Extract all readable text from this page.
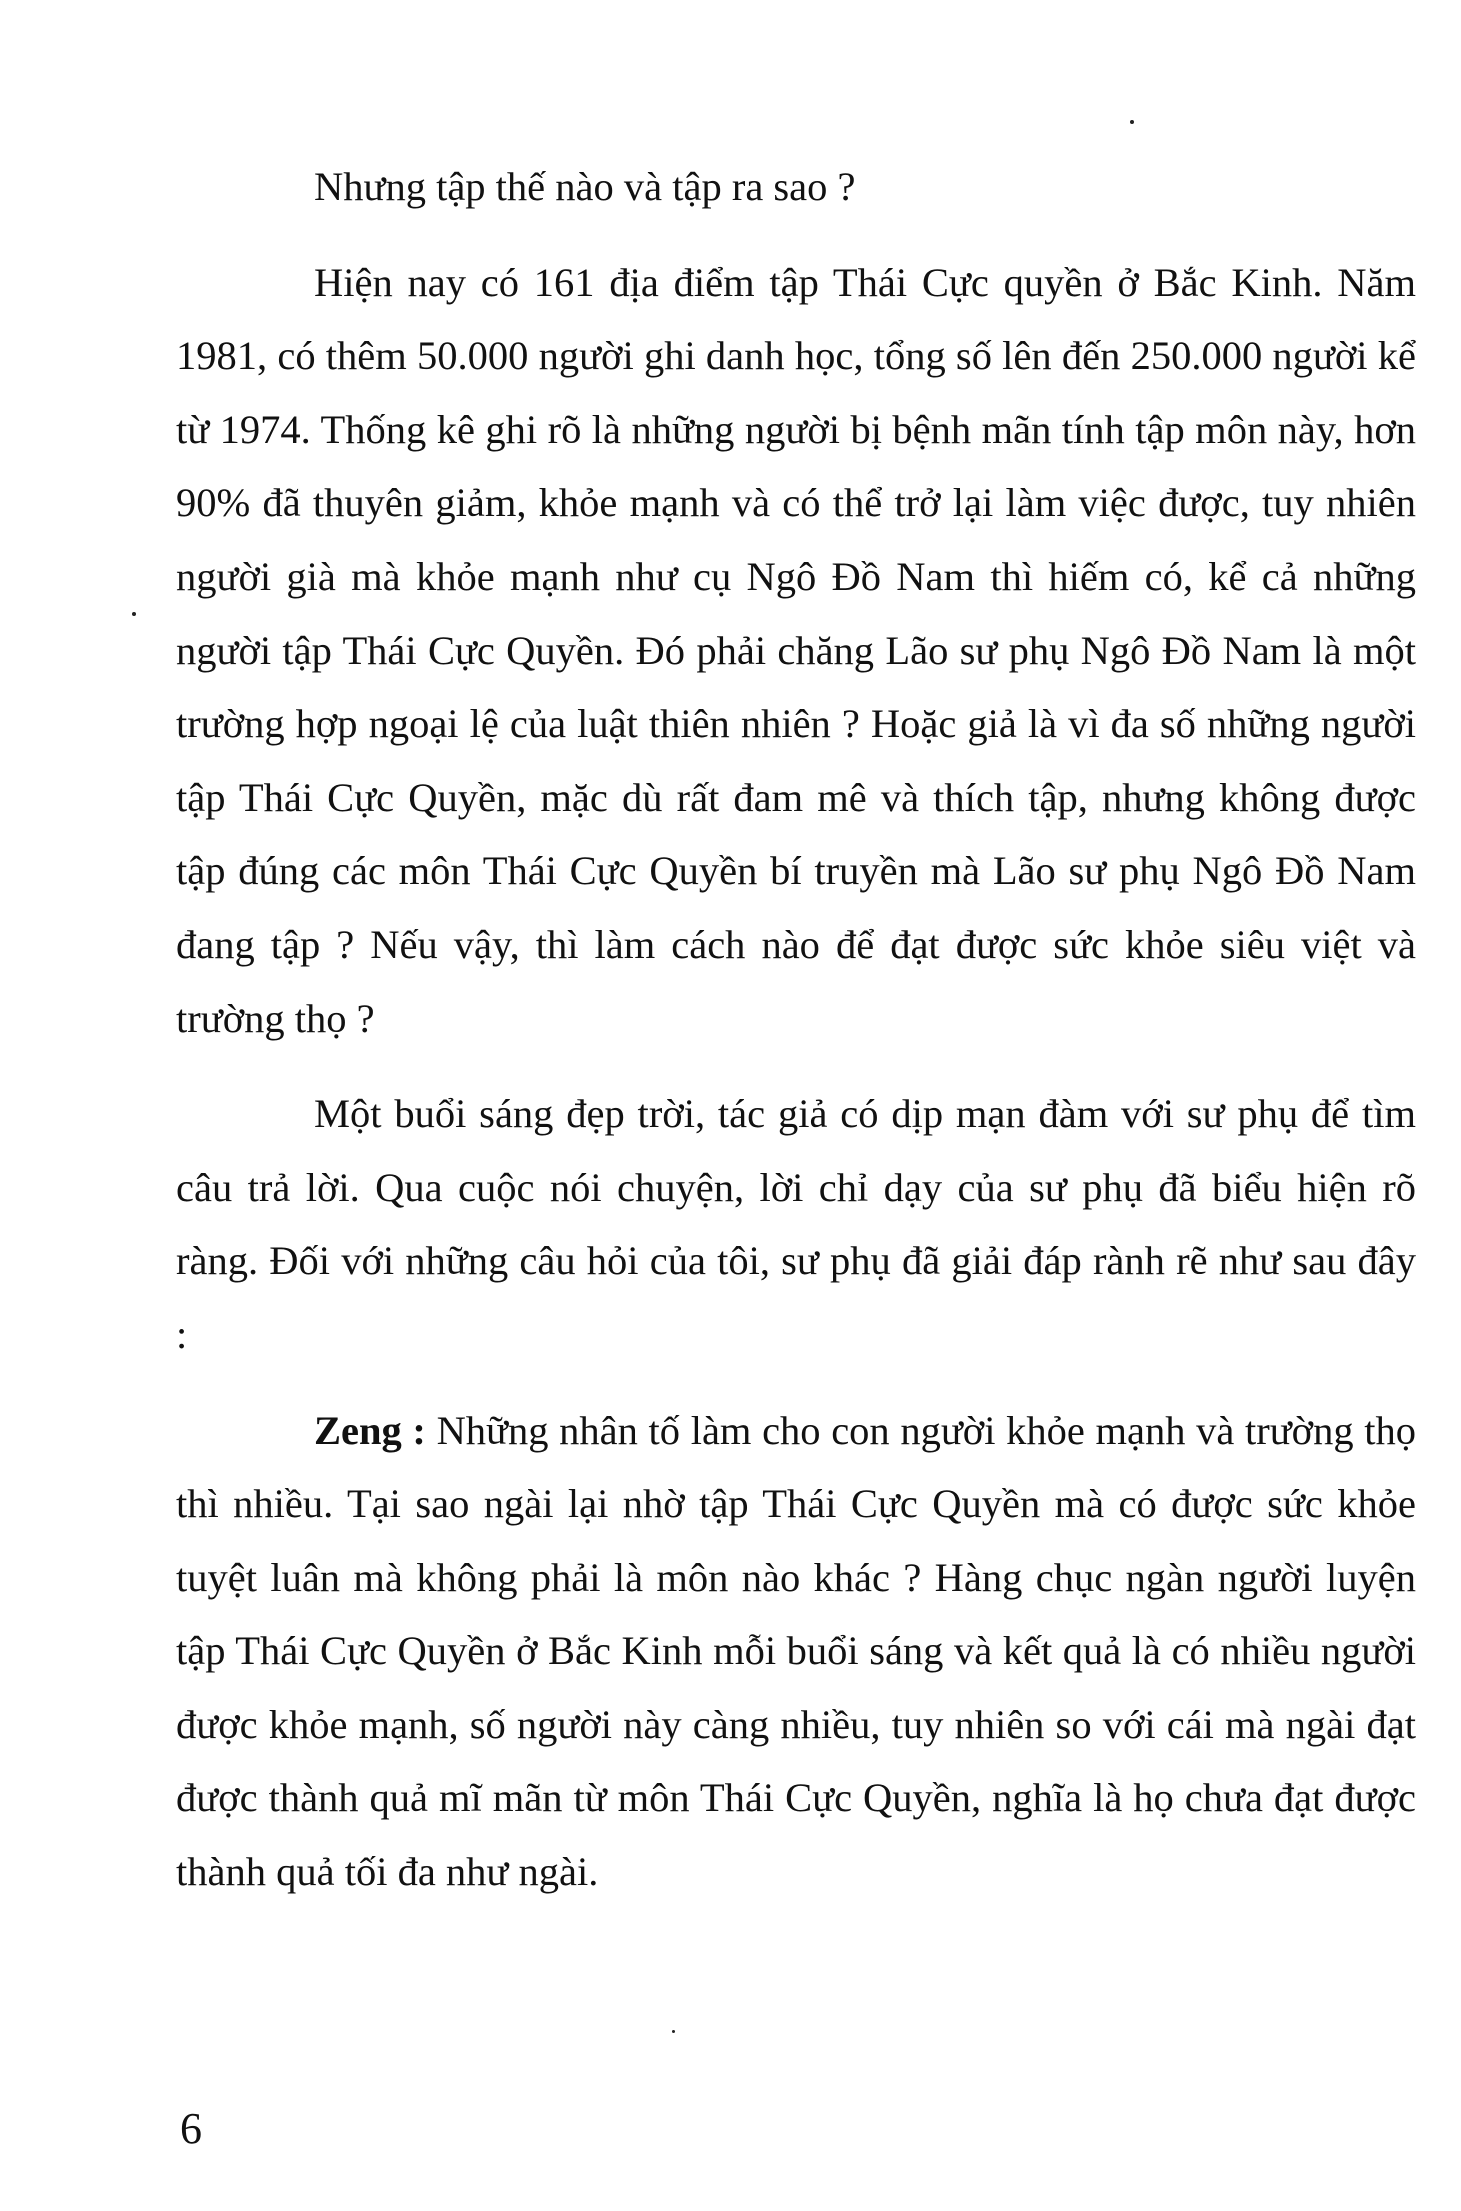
Nhưng tập thế nào và tập ra sao ?

Hiện nay có 161 địa điểm tập Thái Cực quyền ở Bắc Kinh. Năm 1981, có thêm 50.000 người ghi danh học, tổng số lên đến 250.000 người kể từ 1974. Thống kê ghi rõ là những người bị bệnh mãn tính tập môn này, hơn 90% đã thuyên giảm, khỏe mạnh và có thể trở lại làm việc được, tuy nhiên người già mà khỏe mạnh như cụ Ngô Đồ Nam thì hiếm có, kể cả những người tập Thái Cực Quyền. Đó phải chăng Lão sư phụ Ngô Đồ Nam là một trường hợp ngoại lệ của luật thiên nhiên ? Hoặc giả là vì đa số những người tập Thái Cực Quyền, mặc dù rất đam mê và thích tập, nhưng không được tập đúng các môn Thái Cực Quyền bí truyền mà Lão sư phụ Ngô Đồ Nam đang tập ? Nếu vậy, thì làm cách nào để đạt được sức khỏe siêu việt và trường thọ ?

Một buổi sáng đẹp trời, tác giả có dịp mạn đàm với sư phụ để tìm câu trả lời. Qua cuộc nói chuyện, lời chỉ dạy của sư phụ đã biểu hiện rõ ràng. Đối với những câu hỏi của tôi, sư phụ đã giải đáp rành rẽ như sau đây :

Zeng : Những nhân tố làm cho con người khỏe mạnh và trường thọ thì nhiều. Tại sao ngài lại nhờ tập Thái Cực Quyền mà có được sức khỏe tuyệt luân mà không phải là môn nào khác ? Hàng chục ngàn người luyện tập Thái Cực Quyền ở Bắc Kinh mỗi buổi sáng và kết quả là có nhiều người được khỏe mạnh, số người này càng nhiều, tuy nhiên so với cái mà ngài đạt được thành quả mĩ mãn từ môn Thái Cực Quyền, nghĩa là họ chưa đạt được thành quả tối đa như ngài.

6
